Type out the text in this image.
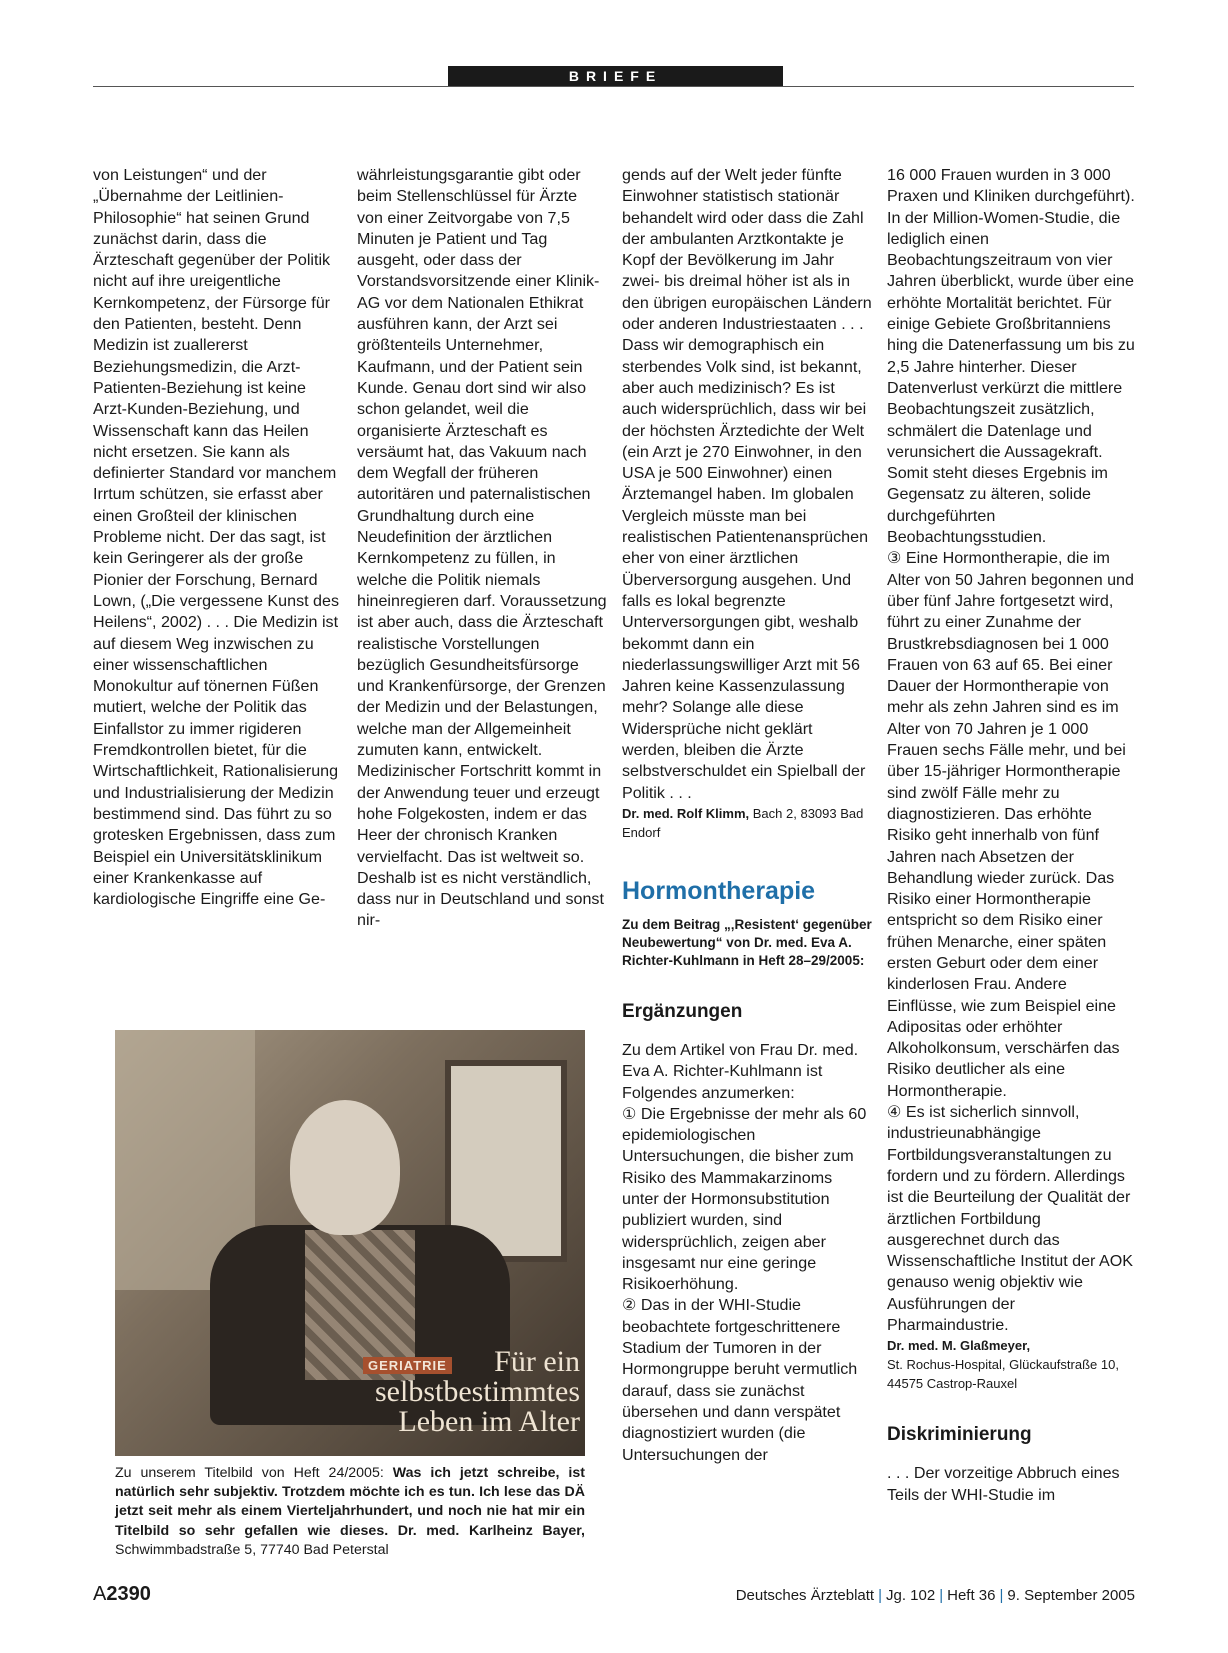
BRIEFE

von Leistungen“ und der „Übernahme der Leitlinien-Philosophie“ hat seinen Grund zunächst darin, dass die Ärzteschaft gegenüber der Politik nicht auf ihre ureigentliche Kernkompetenz, der Fürsorge für den Patienten, besteht. Denn Medizin ist zuallererst Beziehungsmedizin, die Arzt-Patienten-Beziehung ist keine Arzt-Kunden-Beziehung, und Wissenschaft kann das Heilen nicht ersetzen. Sie kann als definierter Standard vor manchem Irrtum schützen, sie erfasst aber einen Großteil der klinischen Probleme nicht. Der das sagt, ist kein Geringerer als der große Pionier der Forschung, Bernard Lown, („Die vergessene Kunst des Heilens“, 2002) . . . Die Medizin ist auf diesem Weg inzwischen zu einer wissenschaftlichen Monokultur auf tönernen Füßen mutiert, welche der Politik das Einfallstor zu immer rigideren Fremdkontrollen bietet, für die Wirtschaftlichkeit, Rationalisierung und Industrialisierung der Medizin bestimmend sind. Das führt zu so grotesken Ergebnissen, dass zum Beispiel ein Universitätsklinikum einer Krankenkasse auf kardiologische Eingriffe eine Ge-

währleistungsgarantie gibt oder beim Stellenschlüssel für Ärzte von einer Zeitvorgabe von 7,5 Minuten je Patient und Tag ausgeht, oder dass der Vorstandsvorsitzende einer Klinik-AG vor dem Nationalen Ethikrat ausführen kann, der Arzt sei größtenteils Unternehmer, Kaufmann, und der Patient sein Kunde. Genau dort sind wir also schon gelandet, weil die organisierte Ärzteschaft es versäumt hat, das Vakuum nach dem Wegfall der früheren autoritären und paternalistischen Grundhaltung durch eine Neudefinition der ärztlichen Kernkompetenz zu füllen, in welche die Politik niemals hineinregieren darf. Voraussetzung ist aber auch, dass die Ärzteschaft realistische Vorstellungen bezüglich Gesundheitsfürsorge und Krankenfürsorge, der Grenzen der Medizin und der Belastungen, welche man der Allgemeinheit zumuten kann, entwickelt. Medizinischer Fortschritt kommt in der Anwendung teuer und erzeugt hohe Folgekosten, indem er das Heer der chronisch Kranken vervielfacht. Das ist weltweit so. Deshalb ist es nicht verständlich, dass nur in Deutschland und sonst nir-

gends auf der Welt jeder fünfte Einwohner statistisch stationär behandelt wird oder dass die Zahl der ambulanten Arztkontakte je Kopf der Bevölkerung im Jahr zwei- bis dreimal höher ist als in den übrigen europäischen Ländern oder anderen Industriestaaten . . . Dass wir demographisch ein sterbendes Volk sind, ist bekannt, aber auch medizinisch? Es ist auch widersprüchlich, dass wir bei der höchsten Ärztedichte der Welt (ein Arzt je 270 Einwohner, in den USA je 500 Einwohner) einen Ärztemangel haben. Im globalen Vergleich müsste man bei realistischen Patientenansprüchen eher von einer ärztlichen Überversorgung ausgehen. Und falls es lokal begrenzte Unterversorgungen gibt, weshalb bekommt dann ein niederlassungswilliger Arzt mit 56 Jahren keine Kassenzulassung mehr? Solange alle diese Widersprüche nicht geklärt werden, bleiben die Ärzte selbstverschuldet ein Spielball der Politik . . .

Dr. med. Rolf Klimm, Bach 2, 83093 Bad Endorf

Hormontherapie
Zu dem Beitrag „‚Resistent‘ gegenüber Neubewertung“ von Dr. med. Eva A. Richter-Kuhlmann in Heft 28–29/2005:
Ergänzungen

Zu dem Artikel von Frau Dr. med. Eva A. Richter-Kuhlmann ist Folgendes anzumerken:

① Die Ergebnisse der mehr als 60 epidemiologischen Untersuchungen, die bisher zum Risiko des Mammakarzinoms unter der Hormonsubstitution publiziert wurden, sind widersprüchlich, zeigen aber insgesamt nur eine geringe Risikoerhöhung.

② Das in der WHI-Studie beobachtete fortgeschrittenere Stadium der Tumoren in der Hormongruppe beruht vermutlich darauf, dass sie zunächst übersehen und dann verspätet diagnostiziert wurden (die Untersuchungen der

16 000 Frauen wurden in 3 000 Praxen und Kliniken durchgeführt). In der Million-Women-Studie, die lediglich einen Beobachtungszeitraum von vier Jahren überblickt, wurde über eine erhöhte Mortalität berichtet. Für einige Gebiete Großbritanniens hing die Datenerfassung um bis zu 2,5 Jahre hinterher. Dieser Datenverlust verkürzt die mittlere Beobachtungszeit zusätzlich, schmälert die Datenlage und verunsichert die Aussagekraft. Somit steht dieses Ergebnis im Gegensatz zu älteren, solide durchgeführten Beobachtungsstudien.

③ Eine Hormontherapie, die im Alter von 50 Jahren begonnen und über fünf Jahre fortgesetzt wird, führt zu einer Zunahme der Brustkrebsdiagnosen bei 1 000 Frauen von 63 auf 65. Bei einer Dauer der Hormontherapie von mehr als zehn Jahren sind es im Alter von 70 Jahren je 1 000 Frauen sechs Fälle mehr, und bei über 15-jähriger Hormontherapie sind zwölf Fälle mehr zu diagnostizieren. Das erhöhte Risiko geht innerhalb von fünf Jahren nach Absetzen der Behandlung wieder zurück. Das Risiko einer Hormontherapie entspricht so dem Risiko einer frühen Menarche, einer späten ersten Geburt oder dem einer kinderlosen Frau. Andere Einflüsse, wie zum Beispiel eine Adipositas oder erhöhter Alkoholkonsum, verschärfen das Risiko deutlicher als eine Hormontherapie.

④ Es ist sicherlich sinnvoll, industrieunabhängige Fortbildungsveranstaltungen zu fordern und zu fördern. Allerdings ist die Beurteilung der Qualität der ärztlichen Fortbildung ausgerechnet durch das Wissenschaftliche Institut der AOK genauso wenig objektiv wie Ausführungen der Pharmaindustrie.

Dr. med. M. Glaßmeyer,
St. Rochus-Hospital, Glückaufstraße 10, 44575 Castrop-Rauxel

Diskriminierung

. . . Der vorzeitige Abbruch eines Teils der WHI-Studie im

GERIATRIE	Für ein selbstbestimmtes Leben im Alter
Zu unserem Titelbild von Heft 24/2005: Was ich jetzt schreibe, ist natürlich sehr subjektiv. Trotzdem möchte ich es tun. Ich lese das DÄ jetzt seit mehr als einem Vierteljahrhundert, und noch nie hat mir ein Titelbild so sehr gefallen wie dieses. Dr. med. Karlheinz Bayer, Schwimmbadstraße 5, 77740 Bad Peterstal
A2390	Deutsches Ärzteblatt | Jg. 102 | Heft 36 | 9. September 2005
